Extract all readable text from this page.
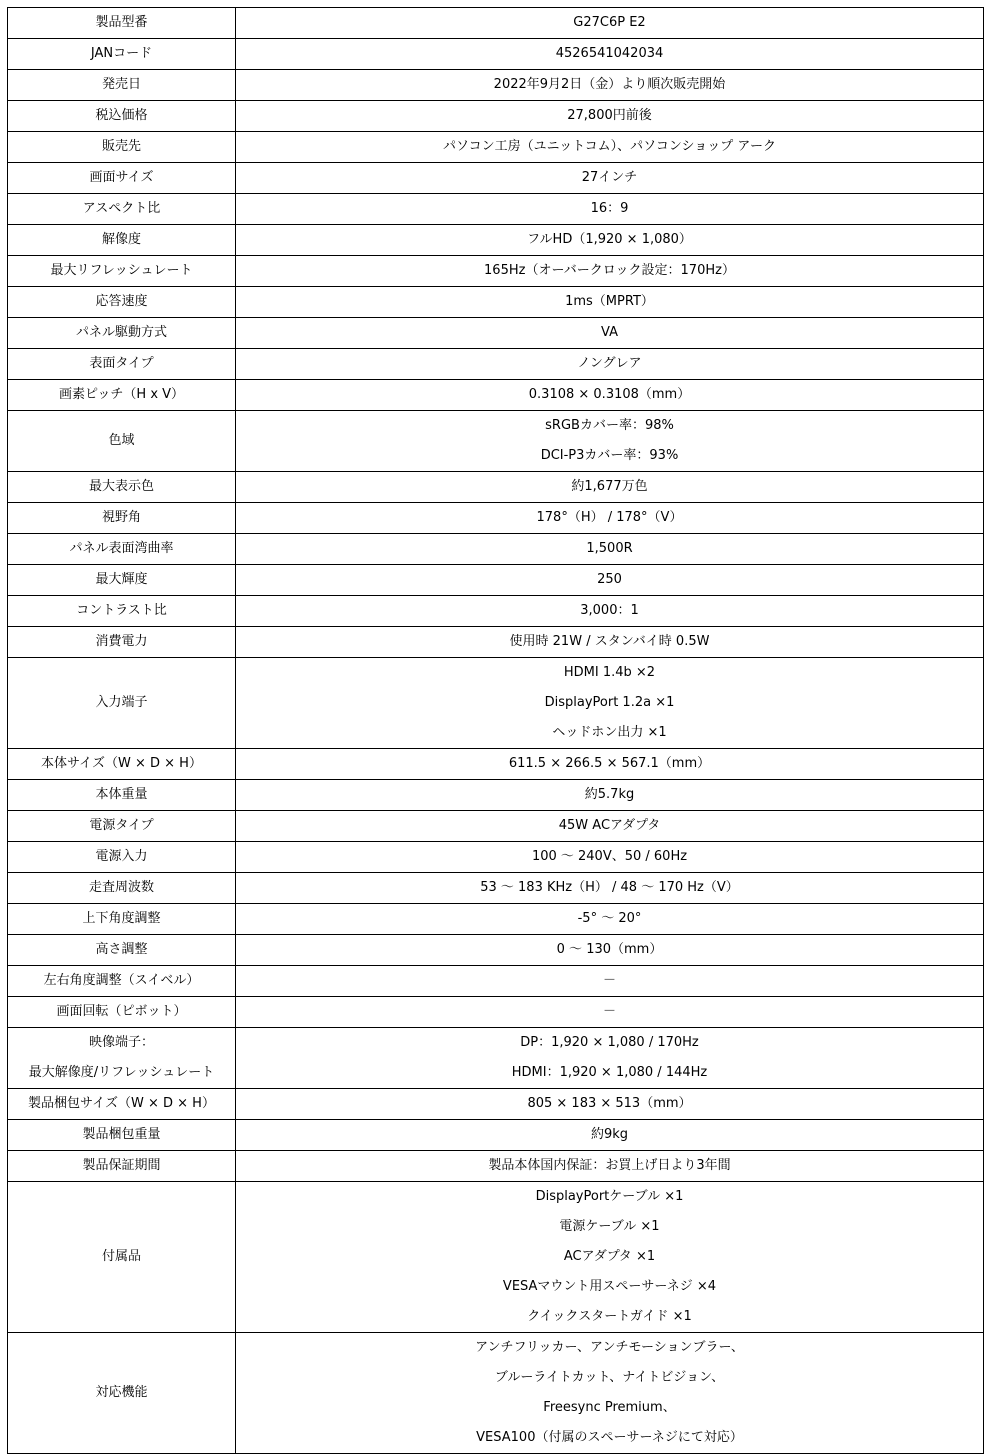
製品型番	G27C6P E2

JANコード	4526541042034

発売日	2022年9月2日（金）より順次販売開始

税込価格	27,800円前後

販売先	パソコン工房（ユニットコム）、パソコンショップ アーク

画面サイズ	27インチ

アスペクト比	16：9

解像度	フルHD（1,920 × 1,080）

最大リフレッシュレート	165Hz（オーバークロック設定：170Hz）

応答速度	1ms（MPRT）

パネル駆動方式	VA

表面タイプ	ノングレア

画素ピッチ（H x V）	0.3108 × 0.3108（mm）

色域	sRGBカバー率：98%
DCI-P3カバー率：93%

最大表示色	約1,677万色

視野角	178°（H） / 178°（V）

パネル表面湾曲率	1,500R

最大輝度	250

コントラスト比	3,000：1

消費電力	使用時 21W / スタンバイ時 0.5W

入力端子	HDMI 1.4b ×2
DisplayPort 1.2a ×1
ヘッドホン出力 ×1

本体サイズ（W × D × H）	611.5 × 266.5 × 567.1（mm）

本体重量	約5.7kg

電源タイプ	45W ACアダプタ

電源入力	100 ～ 240V、50 / 60Hz

走査周波数	53 ～ 183 KHz（H） / 48 ～ 170 Hz（V）

上下角度調整	-5° ～ 20°

高さ調整	0 ～ 130（mm）

左右角度調整（スイベル）	－

画面回転（ピボット）	－

映像端子：
最大解像度/リフレッシュレート	DP：1,920 × 1,080 / 170Hz
HDMI：1,920 × 1,080 / 144Hz

製品梱包サイズ（W × D × H）	805 × 183 × 513（mm）

製品梱包重量	約9kg

製品保証期間	製品本体国内保証：お買上げ日より3年間

付属品	DisplayPortケーブル ×1
電源ケーブル ×1
ACアダプタ ×1
VESAマウント用スペーサーネジ ×4
クイックスタートガイド ×1

対応機能	アンチフリッカー、アンチモーションブラー、
ブルーライトカット、ナイトビジョン、
Freesync Premium、
VESA100（付属のスペーサーネジにて対応）
